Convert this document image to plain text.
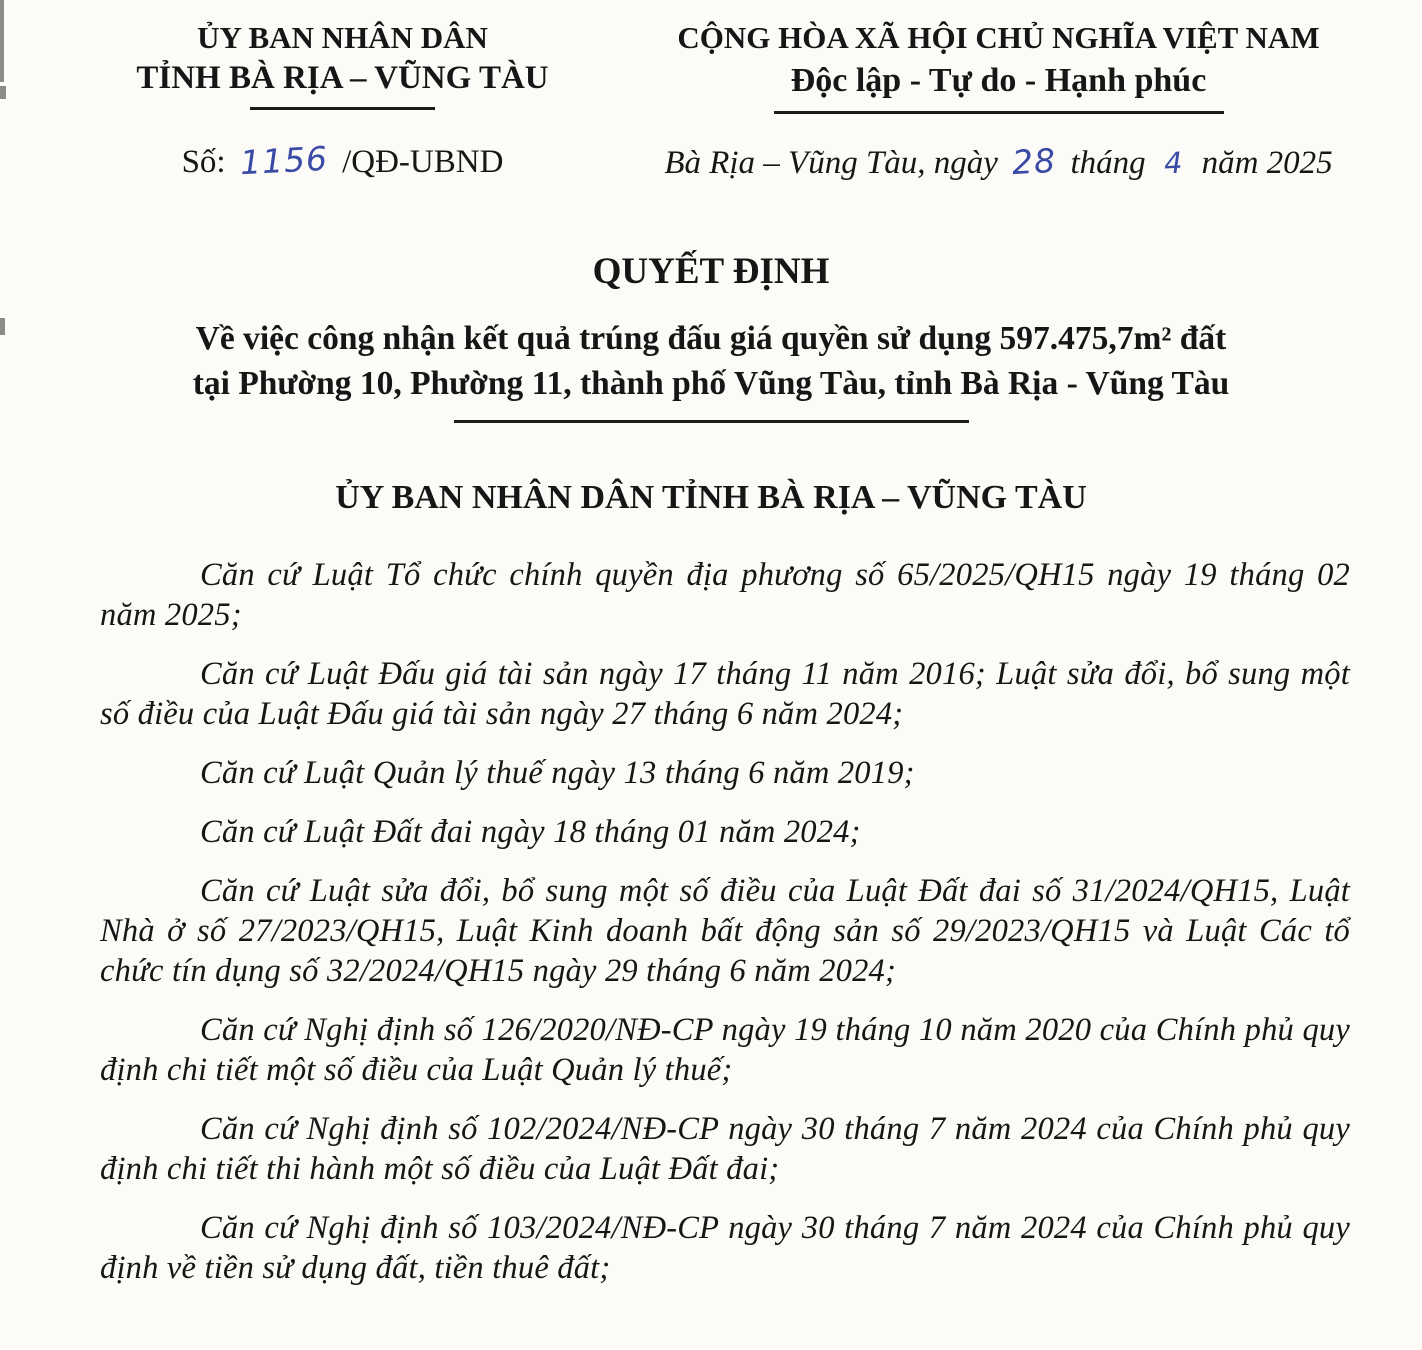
ỦY BAN NHÂN DÂN
TỈNH BÀ RỊA – VŨNG TÀU
Số: 1156 /QĐ-UBND
CỘNG HÒA XÃ HỘI CHỦ NGHĨA VIỆT NAM
Độc lập - Tự do - Hạnh phúc
Bà Rịa – Vũng Tàu, ngày 28 tháng 4 năm 2025
QUYẾT ĐỊNH
Về việc công nhận kết quả trúng đấu giá quyền sử dụng 597.475,7m² đất
tại Phường 10, Phường 11, thành phố Vũng Tàu, tỉnh Bà Rịa - Vũng Tàu
ỦY BAN NHÂN DÂN TỈNH BÀ RỊA – VŨNG TÀU

Căn cứ Luật Tổ chức chính quyền địa phương số 65/2025/QH15 ngày 19 tháng 02 năm 2025;

Căn cứ Luật Đấu giá tài sản ngày 17 tháng 11 năm 2016; Luật sửa đổi, bổ sung một số điều của Luật Đấu giá tài sản ngày 27 tháng 6 năm 2024;

Căn cứ Luật Quản lý thuế ngày 13 tháng 6 năm 2019;

Căn cứ Luật Đất đai ngày 18 tháng 01 năm 2024;

Căn cứ Luật sửa đổi, bổ sung một số điều của Luật Đất đai số 31/2024/QH15, Luật Nhà ở số 27/2023/QH15, Luật Kinh doanh bất động sản số 29/2023/QH15 và Luật Các tổ chức tín dụng số 32/2024/QH15 ngày 29 tháng 6 năm 2024;

Căn cứ Nghị định số 126/2020/NĐ-CP ngày 19 tháng 10 năm 2020 của Chính phủ quy định chi tiết một số điều của Luật Quản lý thuế;

Căn cứ Nghị định số 102/2024/NĐ-CP ngày 30 tháng 7 năm 2024 của Chính phủ quy định chi tiết thi hành một số điều của Luật Đất đai;

Căn cứ Nghị định số 103/2024/NĐ-CP ngày 30 tháng 7 năm 2024 của Chính phủ quy định về tiền sử dụng đất, tiền thuê đất;
